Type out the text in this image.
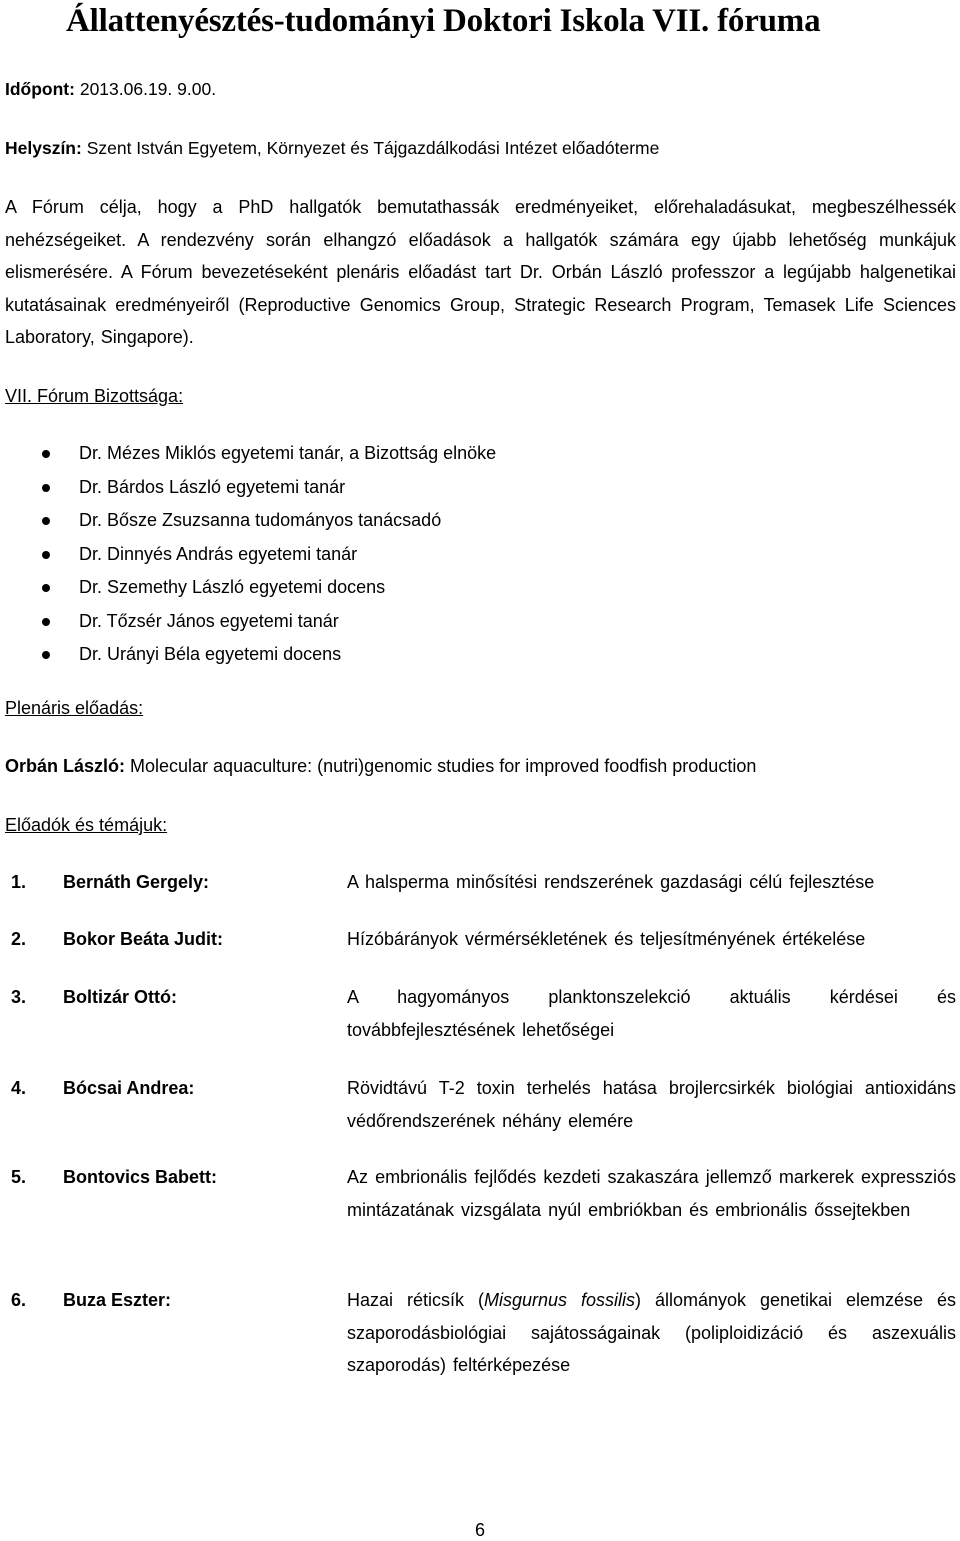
Állattenyésztés-tudományi Doktori Iskola VII. fóruma
Időpont: 2013.06.19. 9.00.
Helyszín: Szent István Egyetem, Környezet és Tájgazdálkodási Intézet előadóterme

A Fórum célja, hogy a PhD hallgatók bemutathassák eredményeiket, előrehaladásukat, megbeszélhessék nehézségeiket. A rendezvény során elhangzó előadások a hallgatók számára egy újabb lehetőség munkájuk elismerésére. A Fórum bevezetéseként plenáris előadást tart Dr. Orbán László professzor a legújabb halgenetikai kutatásainak eredményeiről (Reproductive Genomics Group, Strategic Research Program, Temasek Life Sciences Laboratory, Singapore).

VII. Fórum Bizottsága:
Dr. Mézes Miklós egyetemi tanár, a Bizottság elnöke
Dr. Bárdos László egyetemi tanár
Dr. Bősze Zsuzsanna tudományos tanácsadó
Dr. Dinnyés András egyetemi tanár
Dr. Szemethy László egyetemi docens
Dr. Tőzsér János egyetemi tanár
Dr. Urányi Béla egyetemi docens
Plenáris előadás:
Orbán László: Molecular aquaculture: (nutri)genomic studies for improved foodfish production
Előadók és témájuk:
1. Bernáth Gergely:	A halsperma minősítési rendszerének gazdasági célú fejlesztése
2. Bokor Beáta Judit:	Hízóbárányok vérmérsékletének és teljesítményének értékelése
3. Boltizár Ottó:	A hagyományos planktonszelekció aktuális kérdései és továbbfejlesztésének lehetőségei
4. Bócsai Andrea:	Rövidtávú T-2 toxin terhelés hatása brojlercsirkék biológiai antioxidáns védőrendszerének néhány elemére
5. Bontovics Babett:	Az embrionális fejlődés kezdeti szakaszára jellemző markerek expressziós mintázatának vizsgálata nyúl embriókban és embrionális őssejtekben
6. Buza Eszter:	Hazai réticsík (Misgurnus fossilis) állományok genetikai elemzése és szaporodásbiológiai sajátosságainak (poliploidizáció és aszexuális szaporodás) feltérképezése
6
